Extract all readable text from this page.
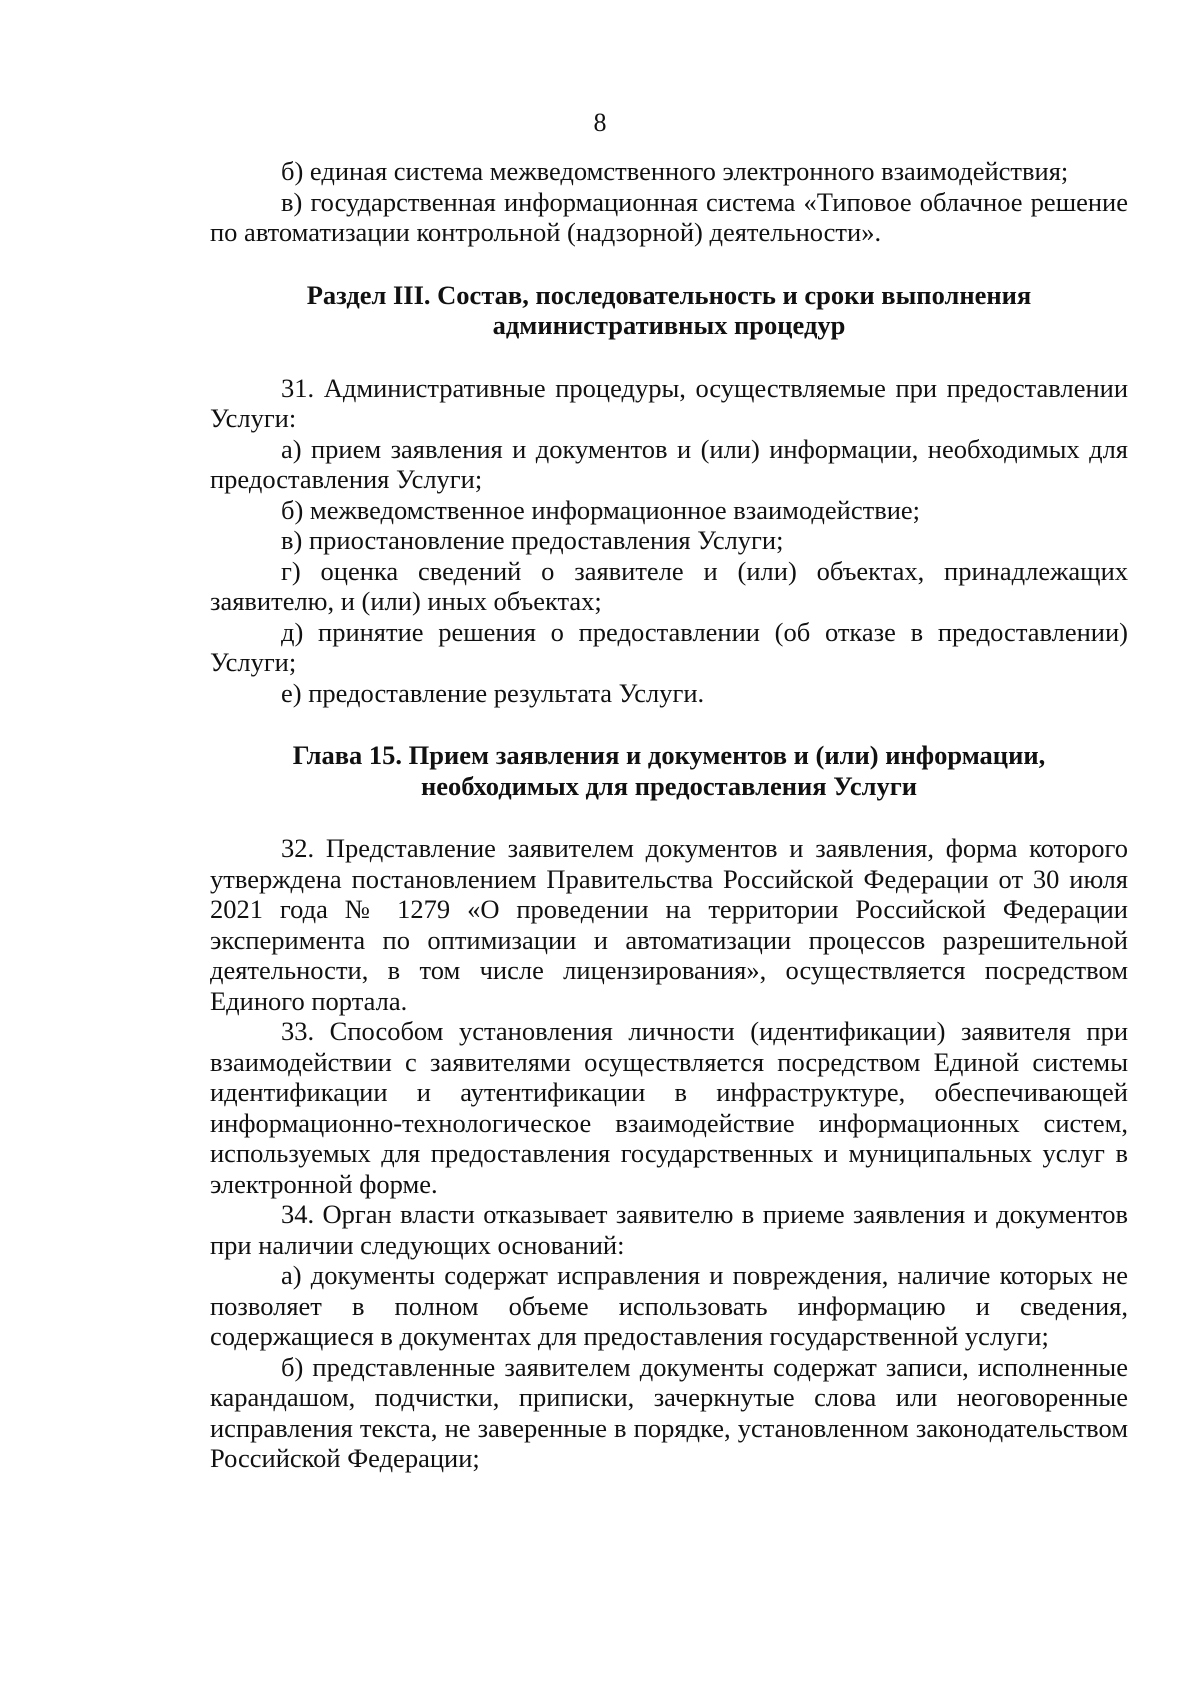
8

б) единая система межведомственного электронного взаимодействия;

в) государственная информационная система «Типовое облачное решение по автоматизации контрольной (надзорной) деятельности».

Раздел III. Состав, последовательность и сроки выполнения
административных процедур

31. Административные процедуры, осуществляемые при предоставлении Услуги:

а) прием заявления и документов и (или) информации, необходимых для предоставления Услуги;

б) межведомственное информационное взаимодействие;

в) приостановление предоставления Услуги;

г) оценка сведений о заявителе и (или) объектах, принадлежащих заявителю, и (или) иных объектах;

д) принятие решения о предоставлении (об отказе в предоставлении) Услуги;

е) предоставление результата Услуги.

Глава 15. Прием заявления и документов и (или) информации,
необходимых для предоставления Услуги

32. Представление заявителем документов и заявления, форма которого утверждена постановлением Правительства Российской Федерации от 30 июля 2021 года № 1279 «О проведении на территории Российской Федерации эксперимента по оптимизации и автоматизации процессов разрешительной деятельности, в том числе лицензирования», осуществляется посредством Единого портала.

33. Способом установления личности (идентификации) заявителя при взаимодействии с заявителями осуществляется посредством Единой системы идентификации и аутентификации в инфраструктуре, обеспечивающей информационно-технологическое взаимодействие информационных систем, используемых для предоставления государственных и муниципальных услуг в электронной форме.

34. Орган власти отказывает заявителю в приеме заявления и документов при наличии следующих оснований:

а) документы содержат исправления и повреждения, наличие которых не позволяет в полном объеме использовать информацию и сведения, содержащиеся в документах для предоставления государственной услуги;

б) представленные заявителем документы содержат записи, исполненные карандашом, подчистки, приписки, зачеркнутые слова или неоговоренные исправления текста, не заверенные в порядке, установленном законодательством Российской Федерации;
